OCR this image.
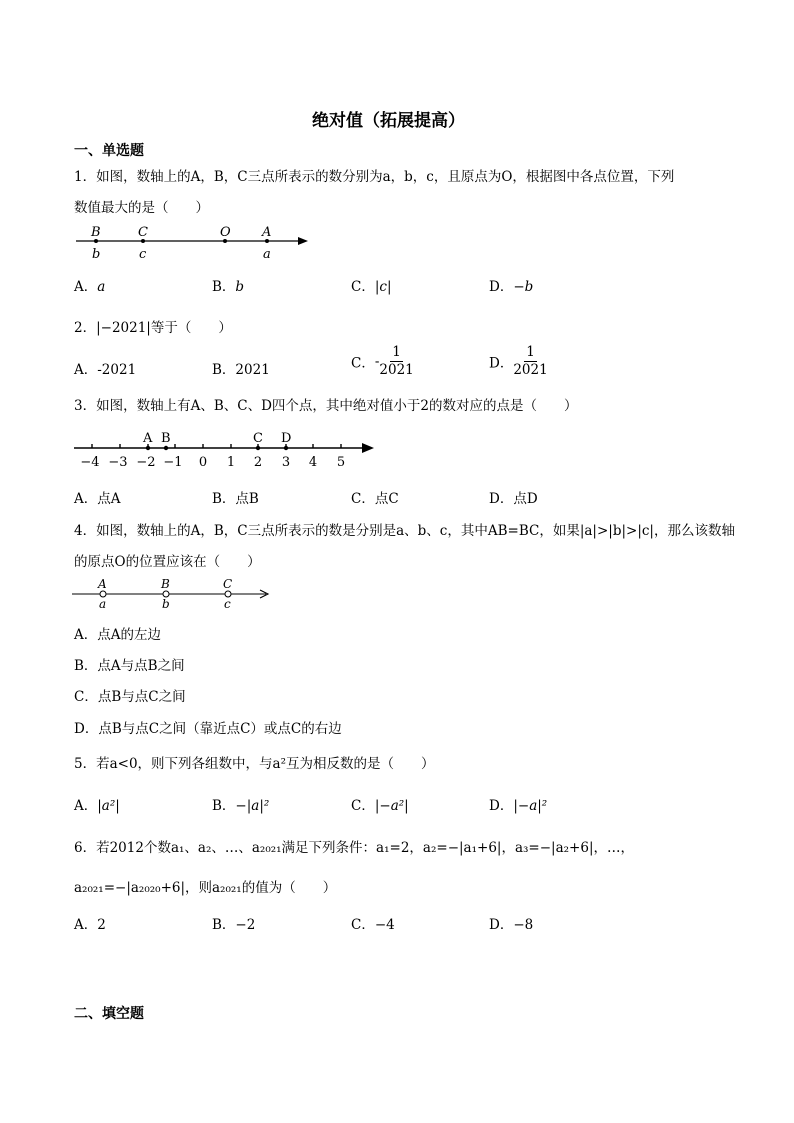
绝对值（拓展提高）
一、单选题
1．如图，数轴上的A，B，C三点所表示的数分别为a，b，c，且原点为O，根据图中各点位置，下列
数值最大的是（　　）
B	C	O A
b	c	a
A．a	B．b	C．|c|	D．−b
2．|−2021|等于（　　）
A．-2021	B．2021	C．- $\frac{1}{2021}$	D． $\frac{1}{2021}$
3．如图，数轴上有A、B、C、D四个点，其中绝对值小于2的数对应的点是（　　）
A B	C D
−4 −3 −2 −1 0 1 2 3 4 5
A．点A	B．点B	C．点C	D．点D
4．如图，数轴上的A，B，C三点所表示的数是分别是a、b、c，其中AB=BC，如果|a|>|b|>|c|，那么该数轴
的原点O的位置应该在（　　）
A	B	C
a	b	c
A．点A的左边
B．点A与点B之间
C．点B与点C之间
D．点B与点C之间（靠近点C）或点C的右边
5．若a<0，则下列各组数中，与a²互为相反数的是（　　）
A．|a²|	B．−|a|²	C．|−a²|	D．|−a|²
6．若2012个数a₁、a₂、…、a₂₀₂₁满足下列条件：a₁=2，a₂=−|a₁+6|，a₃=−|a₂+6|，…，
a₂₀₂₁=−|a₂₀₂₀+6|，则a₂₀₂₁的值为（　　）
A．2	B．−2	C．−4	D．−8
二、填空题
